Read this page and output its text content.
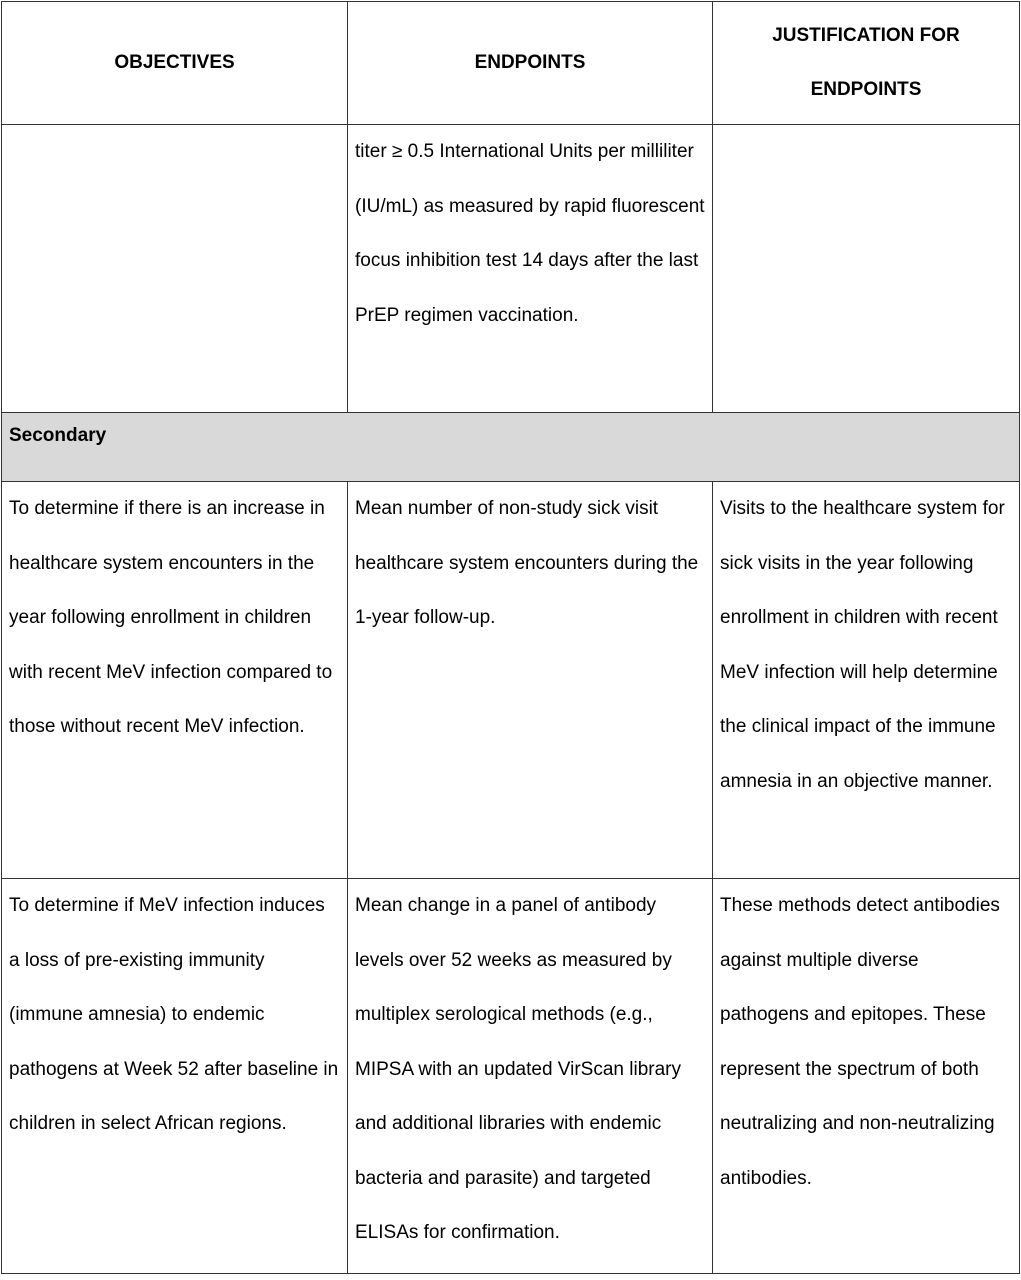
OBJECTIVES	ENDPOINTS	JUSTIFICATION FOR
ENDPOINTS

	titer ≥ 0.5 International Units per milliliter (IU/mL) as measured by rapid fluorescent focus inhibition test 14 days after the last PrEP regimen vaccination.	

Secondary		

To determine if there is an increase in healthcare system encounters in the year following enrollment in children with recent MeV infection compared to those without recent MeV infection.	Mean number of non-study sick visit healthcare system encounters during the 1-year follow-up.	Visits to the healthcare system for sick visits in the year following enrollment in children with recent MeV infection will help determine the clinical impact of the immune amnesia in an objective manner.

To determine if MeV infection induces a loss of pre-existing immunity (immune amnesia) to endemic pathogens at Week 52 after baseline in children in select African regions.	Mean change in a panel of antibody levels over 52 weeks as measured by multiplex serological methods (e.g., MIPSA with an updated VirScan library and additional libraries with endemic bacteria and parasite) and targeted ELISAs for confirmation.	These methods detect antibodies against multiple diverse pathogens and epitopes. These represent the spectrum of both neutralizing and non-neutralizing antibodies.
